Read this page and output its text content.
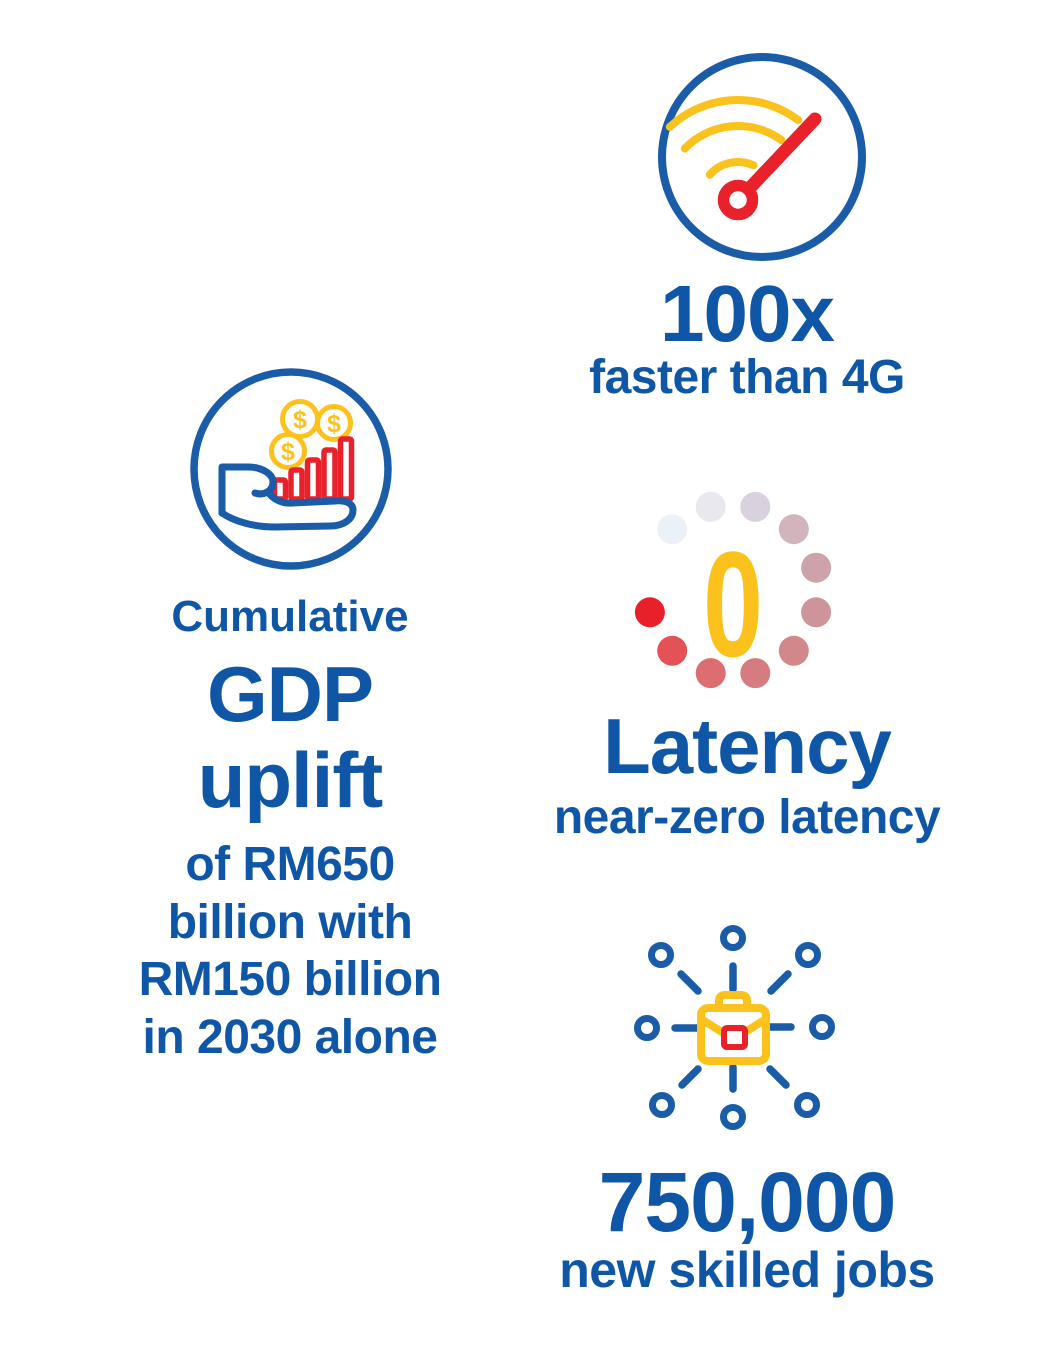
100x
faster than 4G
$ $
$
Cumulative
GDP
uplift
of RM650
billion with
RM150 billion
in 2030 alone
0
Latency
near-zero latency
750,000
new skilled jobs
